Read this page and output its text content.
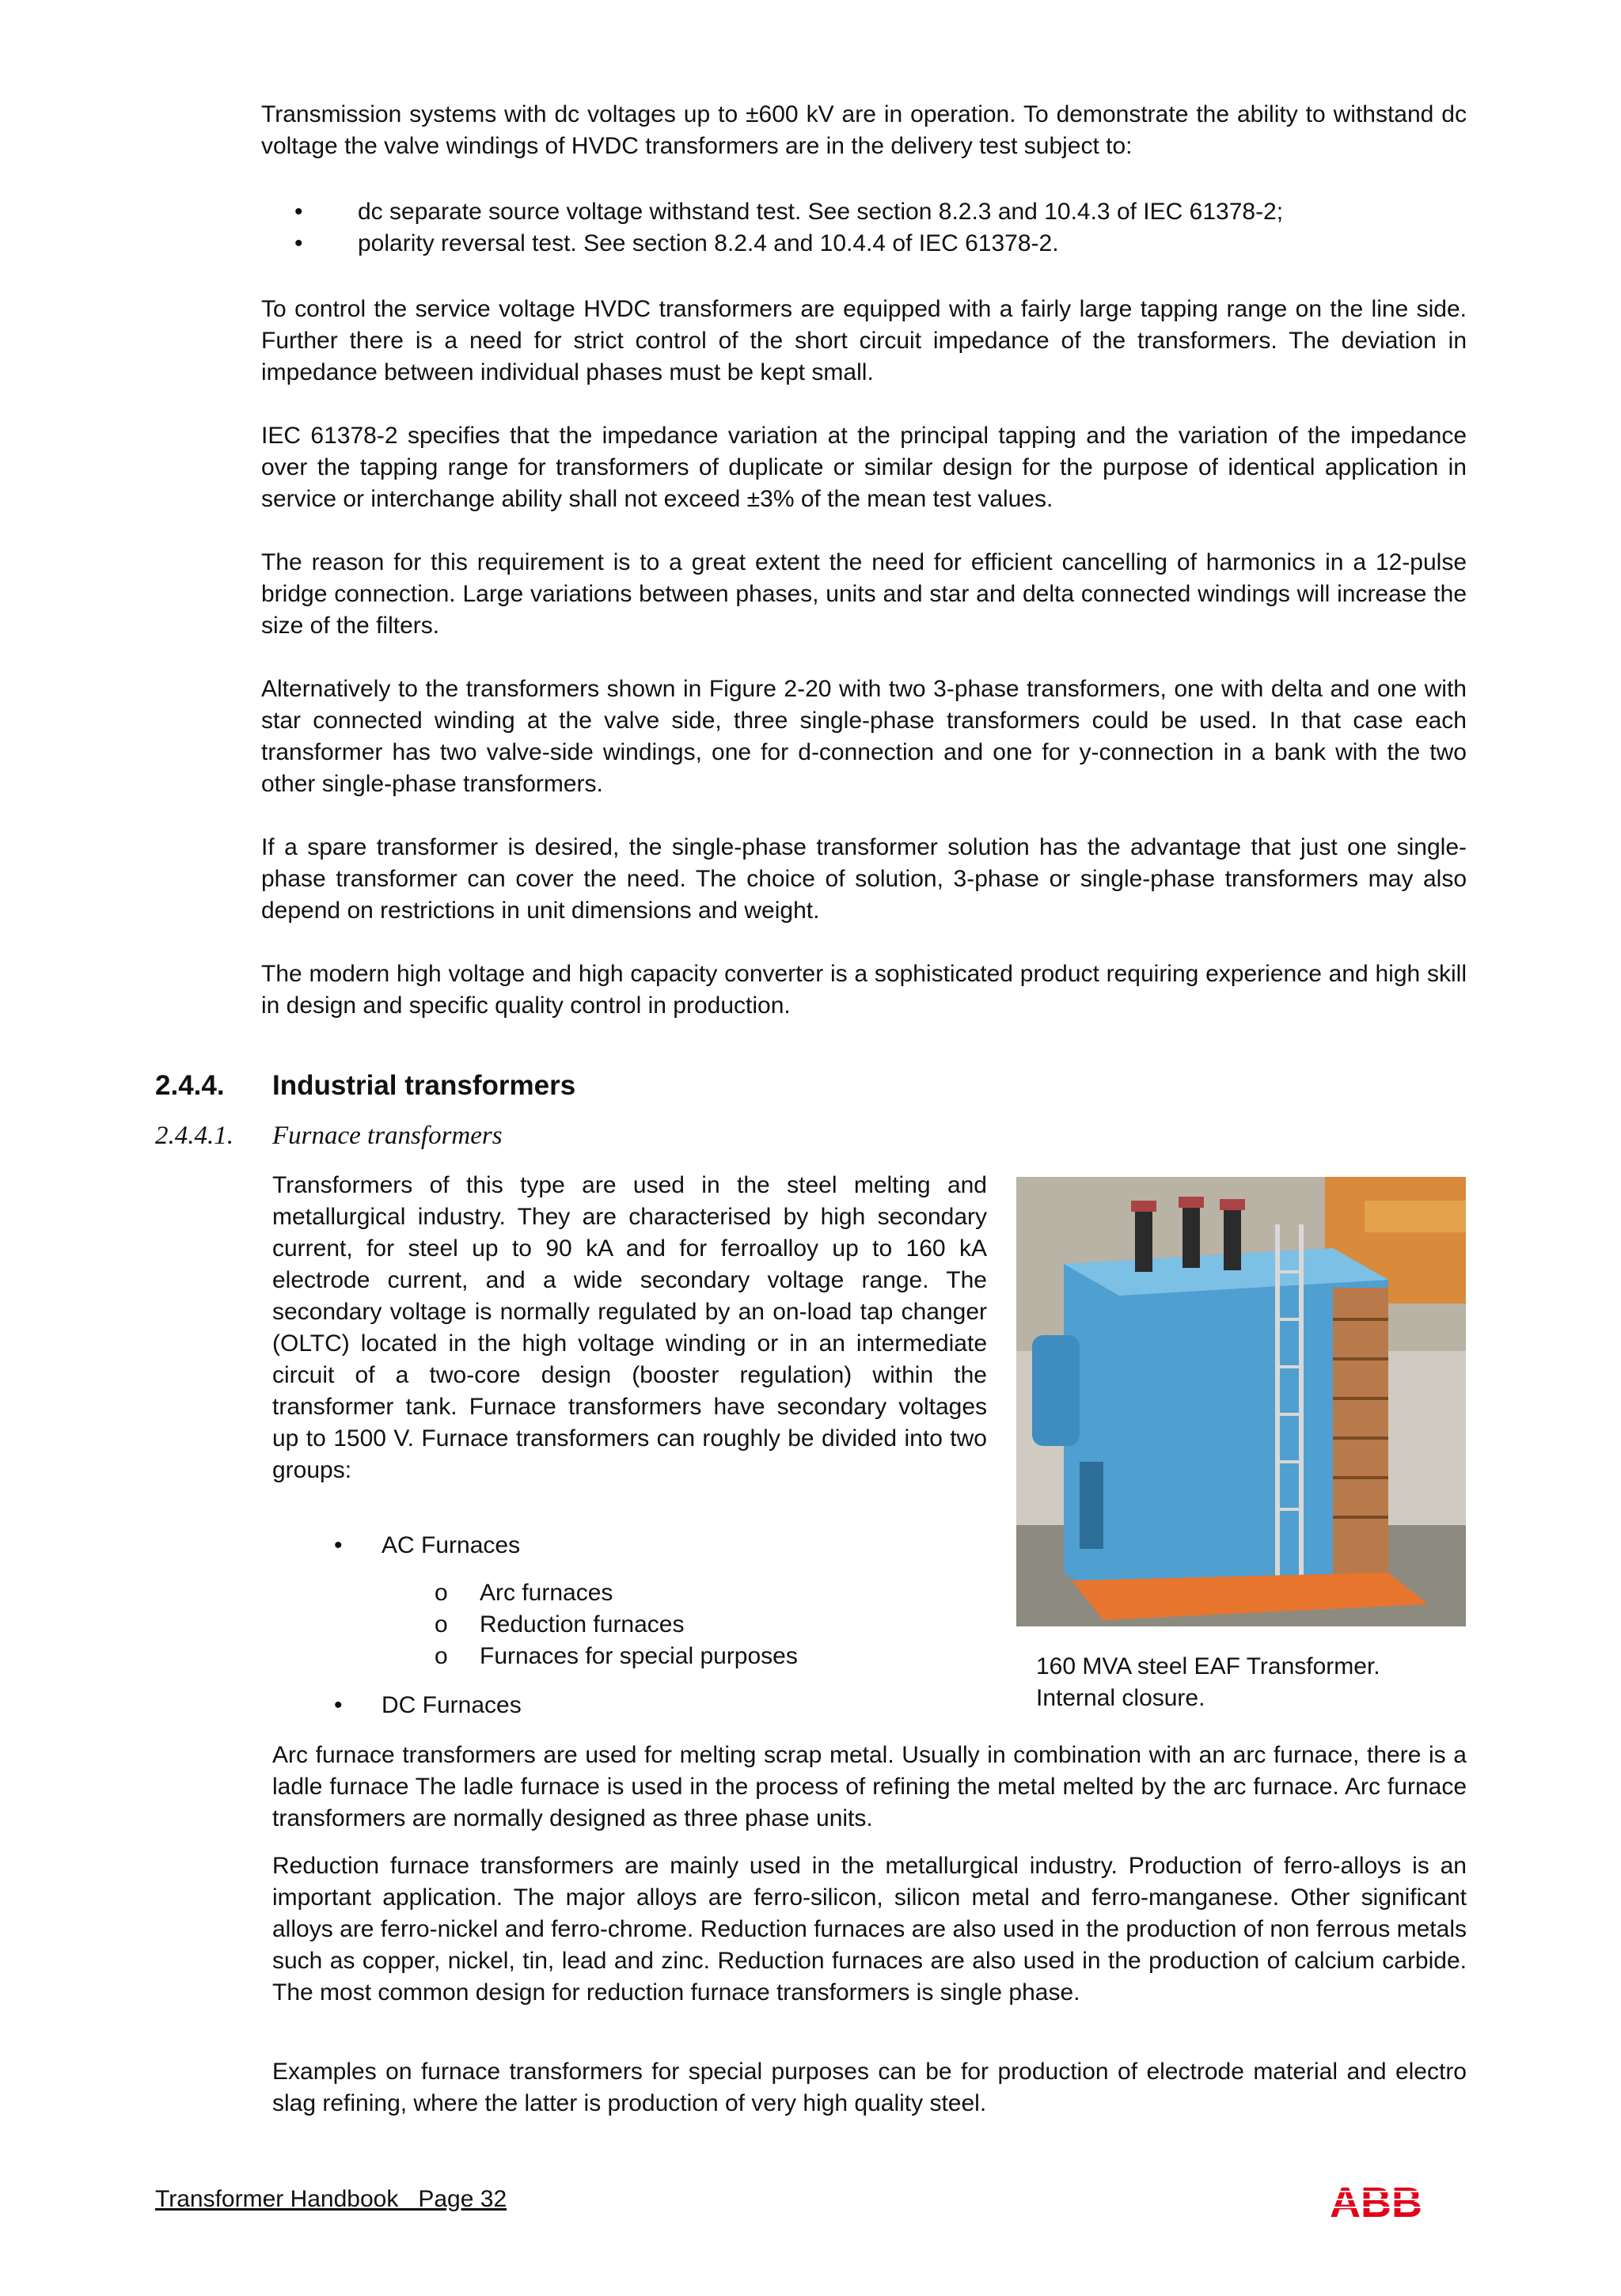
Transmission systems with dc voltages up to ±600 kV are in operation. To demonstrate the ability to withstand dc voltage the valve windings of HVDC transformers are in the delivery test subject to:

• dc separate source voltage withstand test. See section 8.2.3 and 10.4.3 of IEC 61378-2;
• polarity reversal test. See section 8.2.4 and 10.4.4 of IEC 61378-2.

To control the service voltage HVDC transformers are equipped with a fairly large tapping range on the line side. Further there is a need for strict control of the short circuit impedance of the transformers. The deviation in impedance between individual phases must be kept small.

IEC 61378-2 specifies that the impedance variation at the principal tapping and the variation of the impedance over the tapping range for transformers of duplicate or similar design for the purpose of identical application in service or interchange ability shall not exceed ±3% of the mean test values.

The reason for this requirement is to a great extent the need for efficient cancelling of harmonics in a 12-pulse bridge connection. Large variations between phases, units and star and delta connected windings will increase the size of the filters.

Alternatively to the transformers shown in Figure 2-20 with two 3-phase transformers, one with delta and one with star connected winding at the valve side, three single-phase transformers could be used. In that case each transformer has two valve-side windings, one for d-connection and one for y-connection in a bank with the two other single-phase transformers.

If a spare transformer is desired, the single-phase transformer solution has the advantage that just one single-phase transformer can cover the need. The choice of solution, 3-phase or single-phase transformers may also depend on restrictions in unit dimensions and weight.

The modern high voltage and high capacity converter is a sophisticated product requiring experience and high skill in design and specific quality control in production.

2.4.4. Industrial transformers
2.4.4.1. Furnace transformers

Transformers of this type are used in the steel melting and metallurgical industry. They are characterised by high secondary current, for steel up to 90 kA and for ferroalloy up to 160 kA electrode current, and a wide secondary voltage range. The secondary voltage is normally regulated by an on-load tap changer (OLTC) located in the high voltage winding or in an intermediate circuit of a two-core design (booster regulation) within the transformer tank. Furnace transformers have secondary voltages up to 1500 V. Furnace transformers can roughly be divided into two groups:

• AC Furnaces
o Arc furnaces
o Reduction furnaces
o Furnaces for special purposes
• DC Furnaces
160 MVA steel EAF Transformer. Internal closure.

Arc furnace transformers are used for melting scrap metal. Usually in combination with an arc furnace, there is a ladle furnace The ladle furnace is used in the process of refining the metal melted by the arc furnace. Arc furnace transformers are normally designed as three phase units.

Reduction furnace transformers are mainly used in the metallurgical industry. Production of ferro-alloys is an important application. The major alloys are ferro-silicon, silicon metal and ferro-manganese. Other significant alloys are ferro-nickel and ferro-chrome. Reduction furnaces are also used in the production of non ferrous metals such as copper, nickel, tin, lead and zinc. Reduction furnaces are also used in the production of calcium carbide. The most common design for reduction furnace transformers is single phase.

Examples on furnace transformers for special purposes can be for production of electrode material and electro slag refining, where the latter is production of very high quality steel.

Transformer Handbook   Page 32	ABB
